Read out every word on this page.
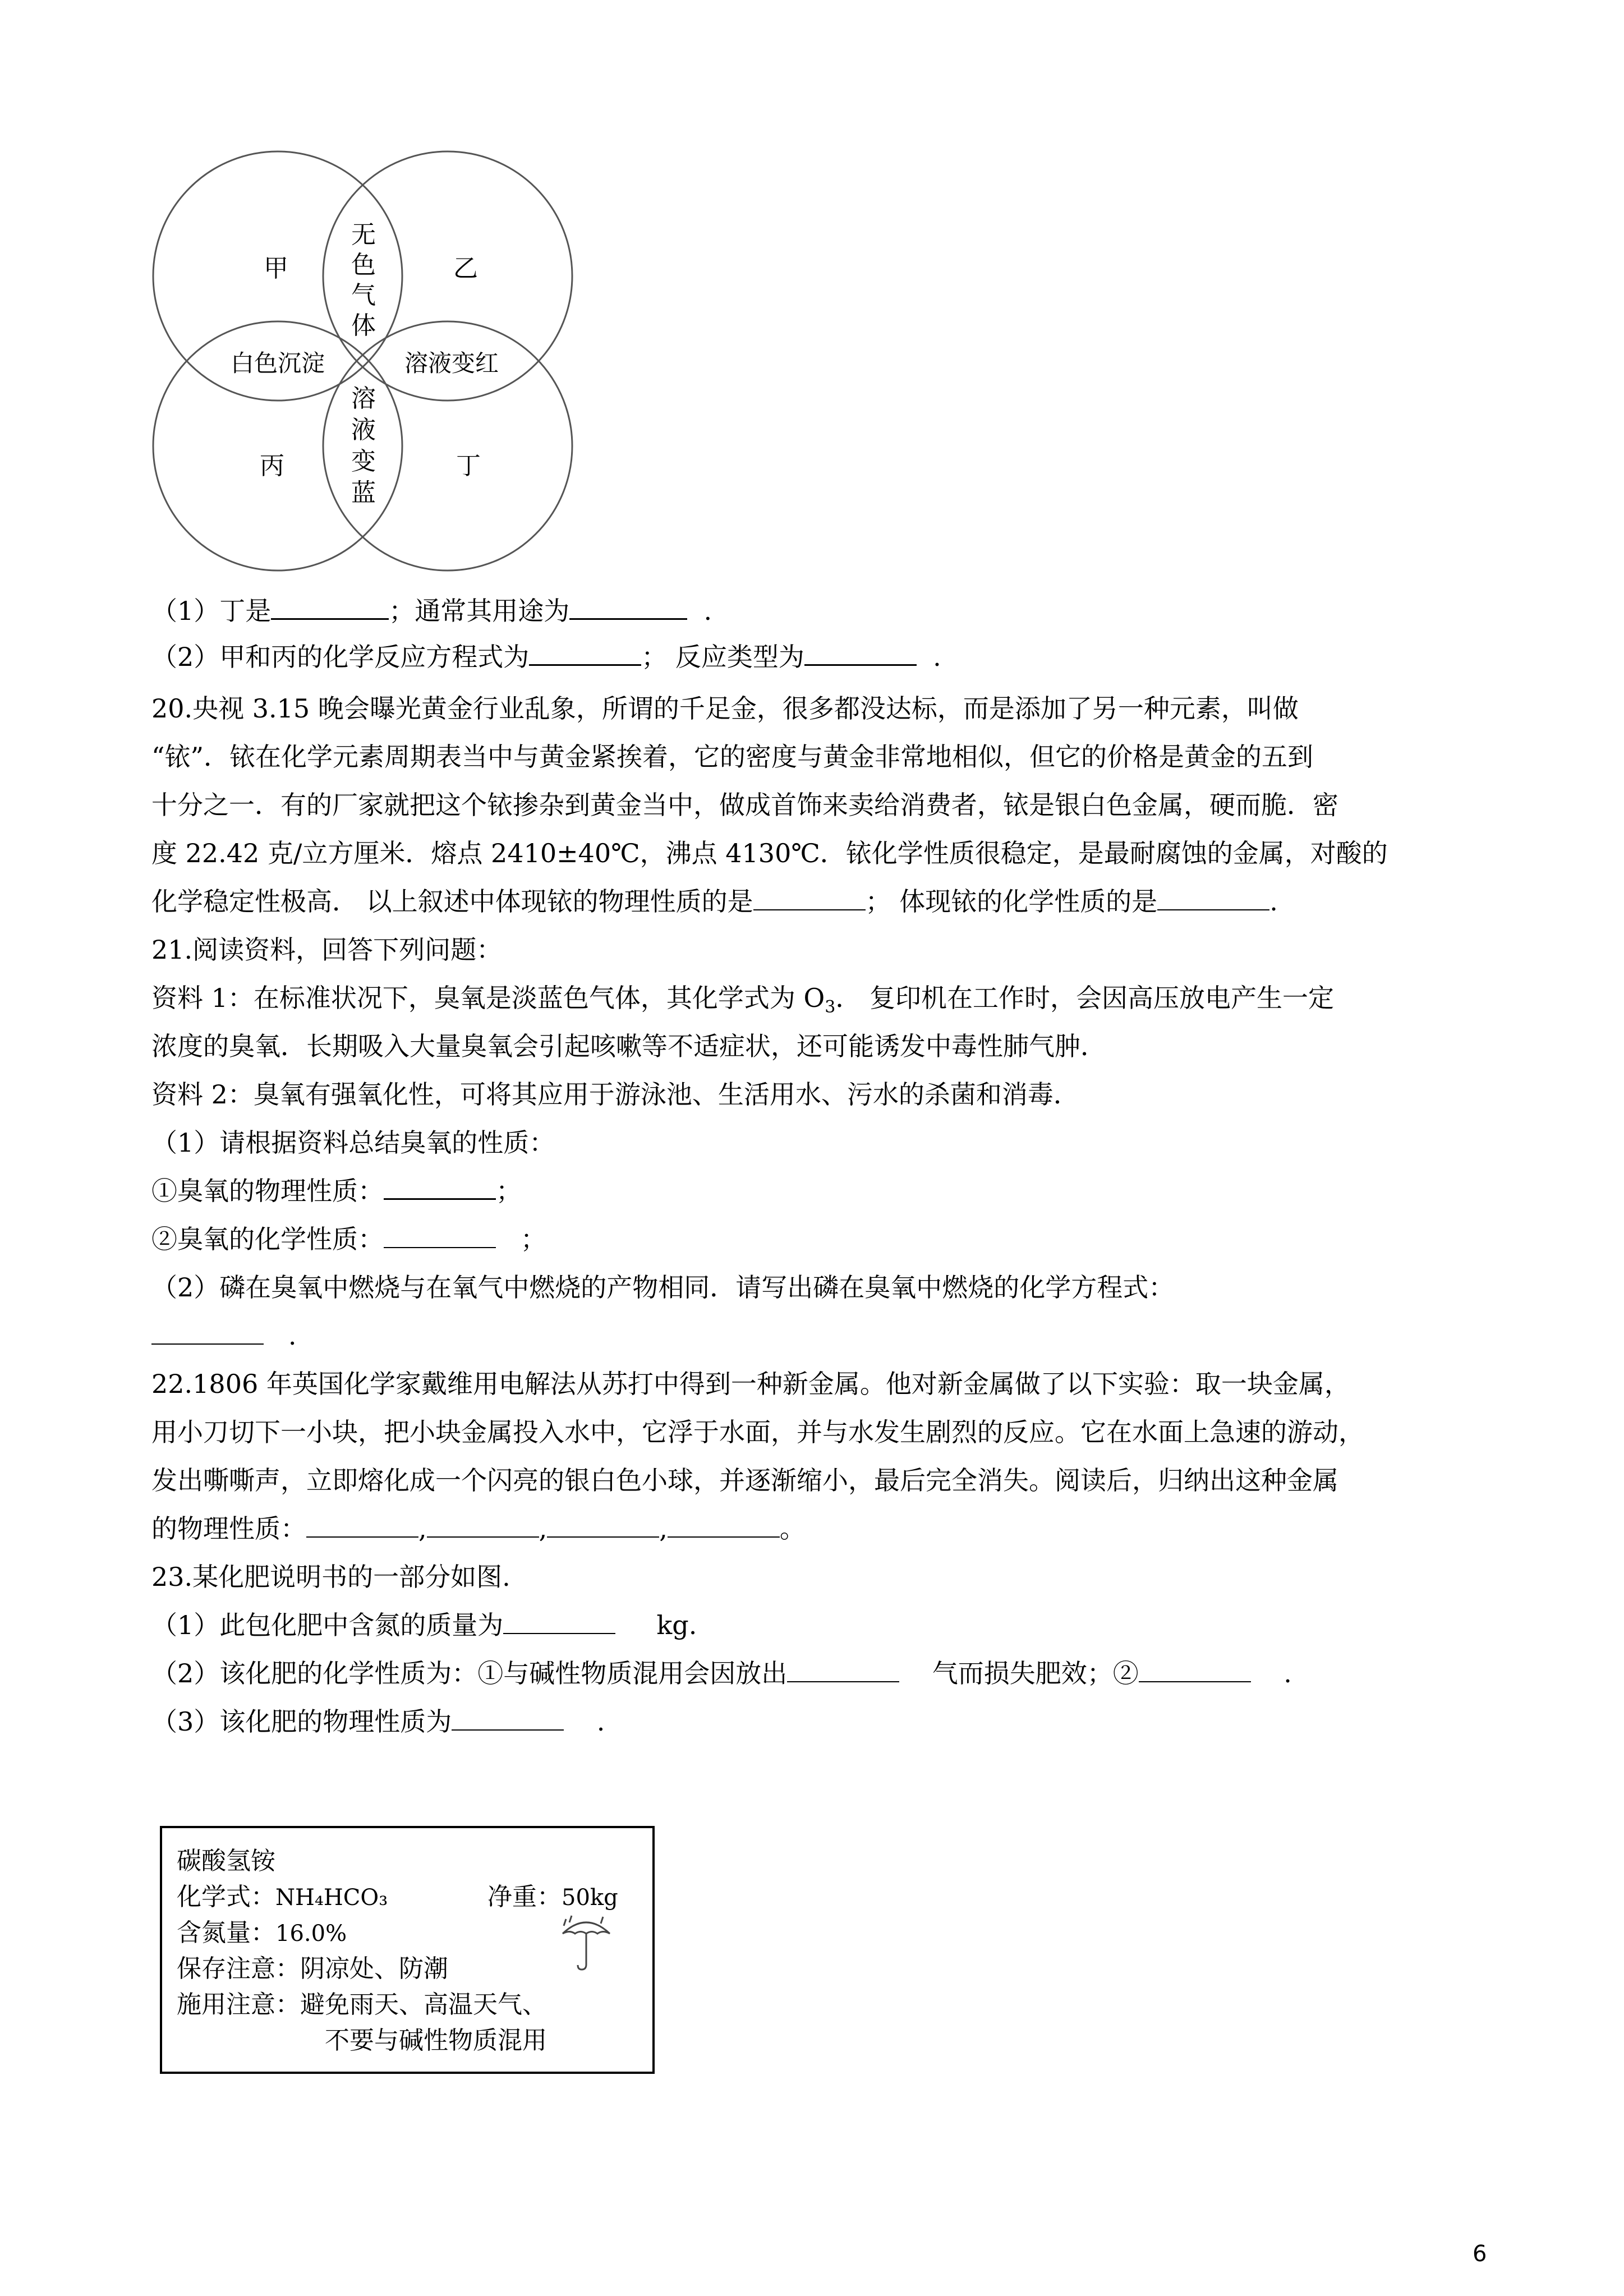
甲	乙
丙	丁
无
色
气
体
溶
液
变
蓝
白色沉淀	溶液变红
（1）丁是	；通常其用途为	.
（2）甲和丙的化学反应方程式为	； 反应类型为	.
20.央视 3.15 晚会曝光黄金行业乱象，所谓的千足金，很多都没达标，而是添加了另一种元素，叫做
“铱”．铱在化学元素周期表当中与黄金紧挨着，它的密度与黄金非常地相似，但它的价格是黄金的五到
十分之一．有的厂家就把这个铱掺杂到黄金当中，做成首饰来卖给消费者，铱是银白色金属，硬而脆．密
度 22.42 克/立方厘米．熔点 2410±40℃，沸点 4130℃．铱化学性质很稳定，是最耐腐蚀的金属，对酸的
化学稳定性极高． 以上叙述中体现铱的物理性质的是	； 体现铱的化学性质的是	.
21.阅读资料，回答下列问题：
资料 1：在标准状况下，臭氧是淡蓝色气体，其化学式为 $O_3$． 复印机在工作时，会因高压放电产生一定
浓度的臭氧．长期吸入大量臭氧会引起咳嗽等不适症状，还可能诱发中毒性肺气肿．
资料 2：臭氧有强氧化性，可将其应用于游泳池、生活用水、污水的杀菌和消毒．
（1）请根据资料总结臭氧的性质：
①臭氧的物理性质：	；
②臭氧的化学性质：	；
（2）磷在臭氧中燃烧与在氧气中燃烧的产物相同．请写出磷在臭氧中燃烧的化学方程式：
.
22.1806 年英国化学家戴维用电解法从苏打中得到一种新金属。他对新金属做了以下实验：取一块金属，
用小刀切下一小块，把小块金属投入水中，它浮于水面，并与水发生剧烈的反应。它在水面上急速的游动，
发出嘶嘶声，立即熔化成一个闪亮的银白色小球，并逐渐缩小，最后完全消失。阅读后，归纳出这种金属
的物理性质：	,	,	,	。
23.某化肥说明书的一部分如图.
（1）此包化肥中含氮的质量为	kg.
（2）该化肥的化学性质为：①与碱性物质混用会因放出	气而损失肥效；②	.
（3）该化肥的物理性质为	.
碳酸氢铵
化学式：NH₄HCO₃	净重：50kg
含氮量：16.0%
保存注意：阴凉处、防潮
施用注意：避免雨天、高温天气、
不要与碱性物质混用
6
